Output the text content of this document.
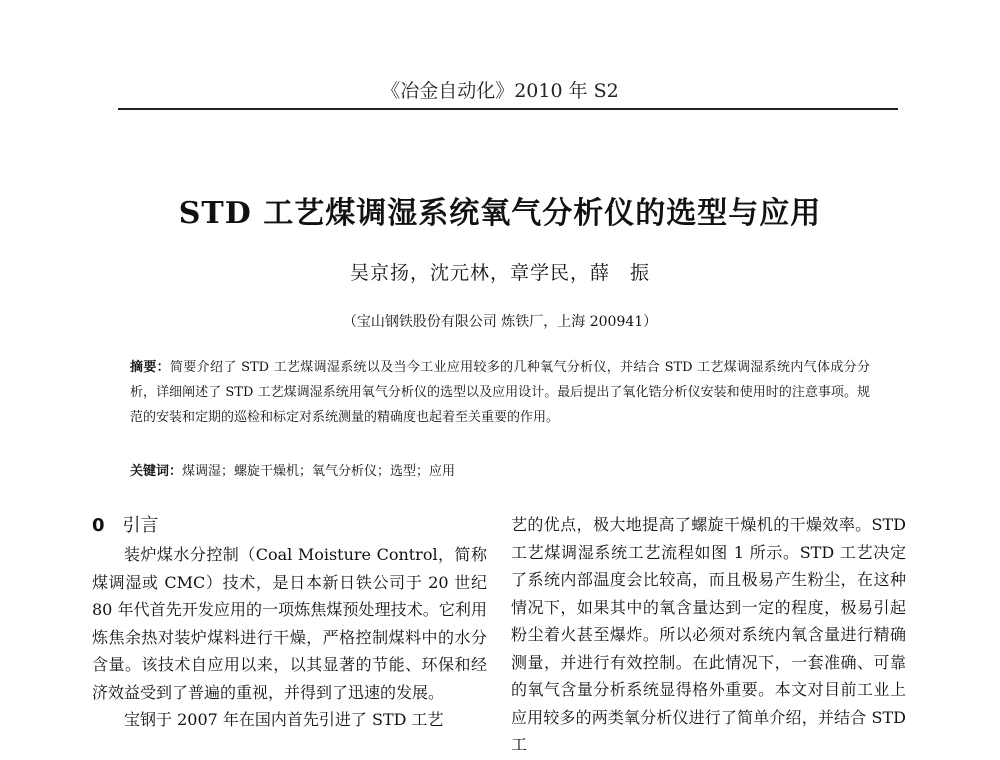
《冶金自动化》2010 年 S2
STD 工艺煤调湿系统氧气分析仪的选型与应用
吴京扬，沈元林，章学民，薛　振
（宝山钢铁股份有限公司 炼铁厂，上海 200941）
摘要：简要介绍了 STD 工艺煤调湿系统以及当今工业应用较多的几种氧气分析仪，并结合 STD 工艺煤调湿系统内气体成分分析，详细阐述了 STD 工艺煤调湿系统用氧气分析仪的选型以及应用设计。最后提出了氧化锆分析仪安装和使用时的注意事项。规范的安装和定期的巡检和标定对系统测量的精确度也起着至关重要的作用。
关键词：煤调湿；螺旋干燥机；氧气分析仪；选型；应用
0 引言

装炉煤水分控制（Coal Moisture Control，简称煤调湿或 CMC）技术，是日本新日铁公司于 20 世纪 80 年代首先开发应用的一项炼焦煤预处理技术。它利用炼焦余热对装炉煤料进行干燥，严格控制煤料中的水分含量。该技术自应用以来，以其显著的节能、环保和经济效益受到了普遍的重视，并得到了迅速的发展。

宝钢于 2007 年在国内首先引进了 STD 工艺

艺的优点，极大地提高了螺旋干燥机的干燥效率。STD 工艺煤调湿系统工艺流程如图 1 所示。STD 工艺决定了系统内部温度会比较高，而且极易产生粉尘，在这种情况下，如果其中的氧含量达到一定的程度，极易引起粉尘着火甚至爆炸。所以必须对系统内氧含量进行精确测量，并进行有效控制。在此情况下，一套准确、可靠的氧气含量分析系统显得格外重要。本文对目前工业上应用较多的两类氧分析仪进行了简单介绍，并结合 STD 工
